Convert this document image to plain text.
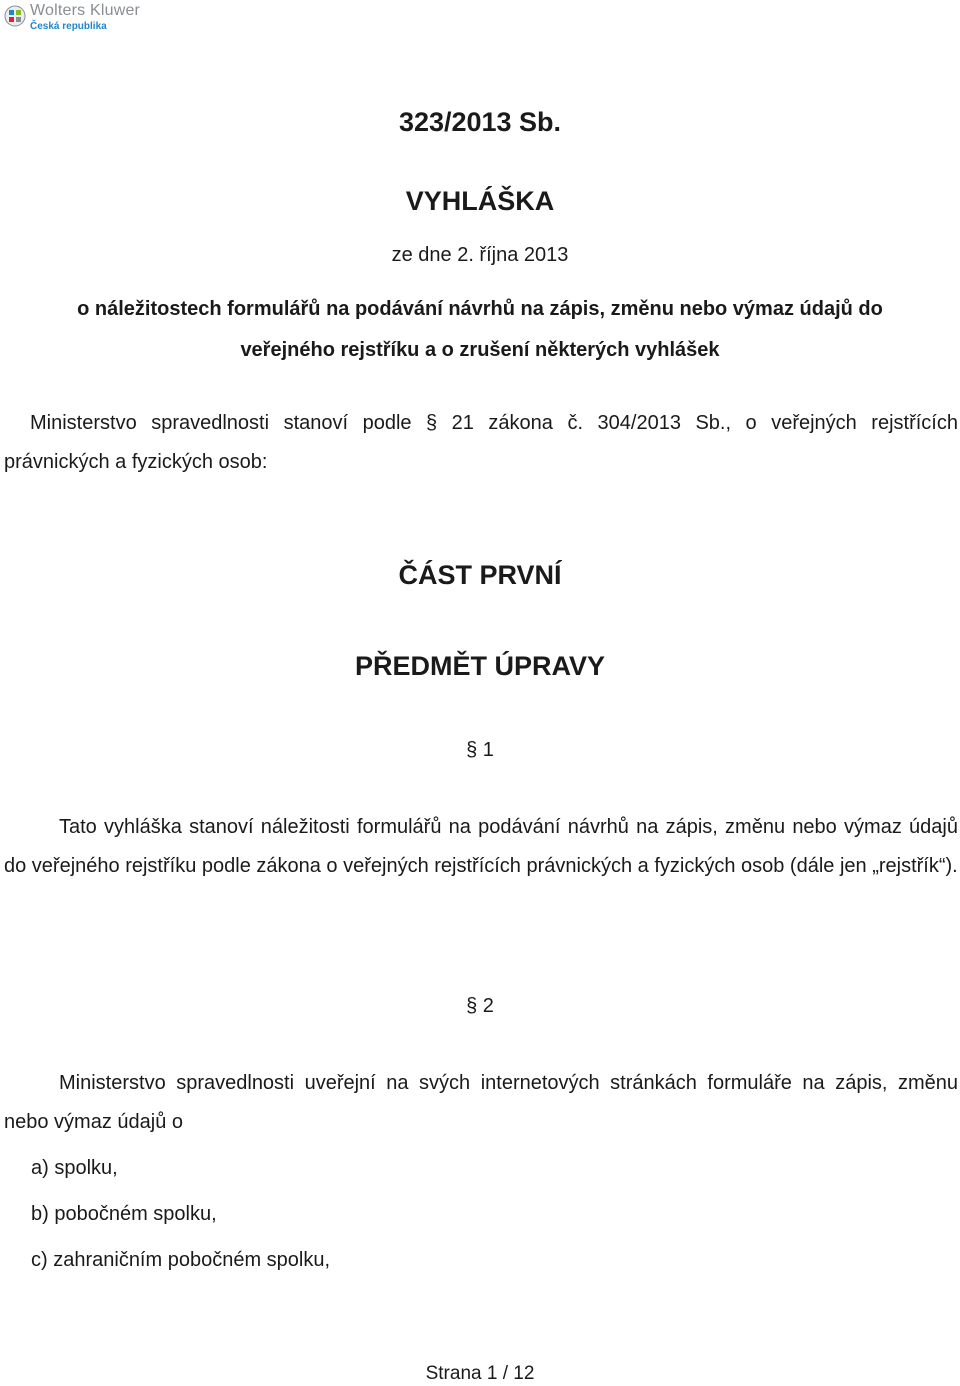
Wolters Kluwer
Česká republika
323/2013 Sb.
VYHLÁŠKA
ze dne 2. října 2013
o náležitostech formulářů na podávání návrhů na zápis, změnu nebo výmaz údajů do
veřejného rejstříku a o zrušení některých vyhlášek
Ministerstvo spravedlnosti stanoví podle § 21 zákona č. 304/2013 Sb., o veřejných rejstřících právnických a fyzických osob:
ČÁST PRVNÍ
PŘEDMĚT ÚPRAVY
§ 1
Tato vyhláška stanoví náležitosti formulářů na podávání návrhů na zápis, změnu nebo výmaz údajů do veřejného rejstříku podle zákona o veřejných rejstřících právnických a fyzických osob (dále jen „rejstřík“).
§ 2
Ministerstvo spravedlnosti uveřejní na svých internetových stránkách formuláře na zápis, změnu nebo výmaz údajů o
a) spolku,
b) pobočném spolku,
c) zahraničním pobočném spolku,
Strana 1 / 12
